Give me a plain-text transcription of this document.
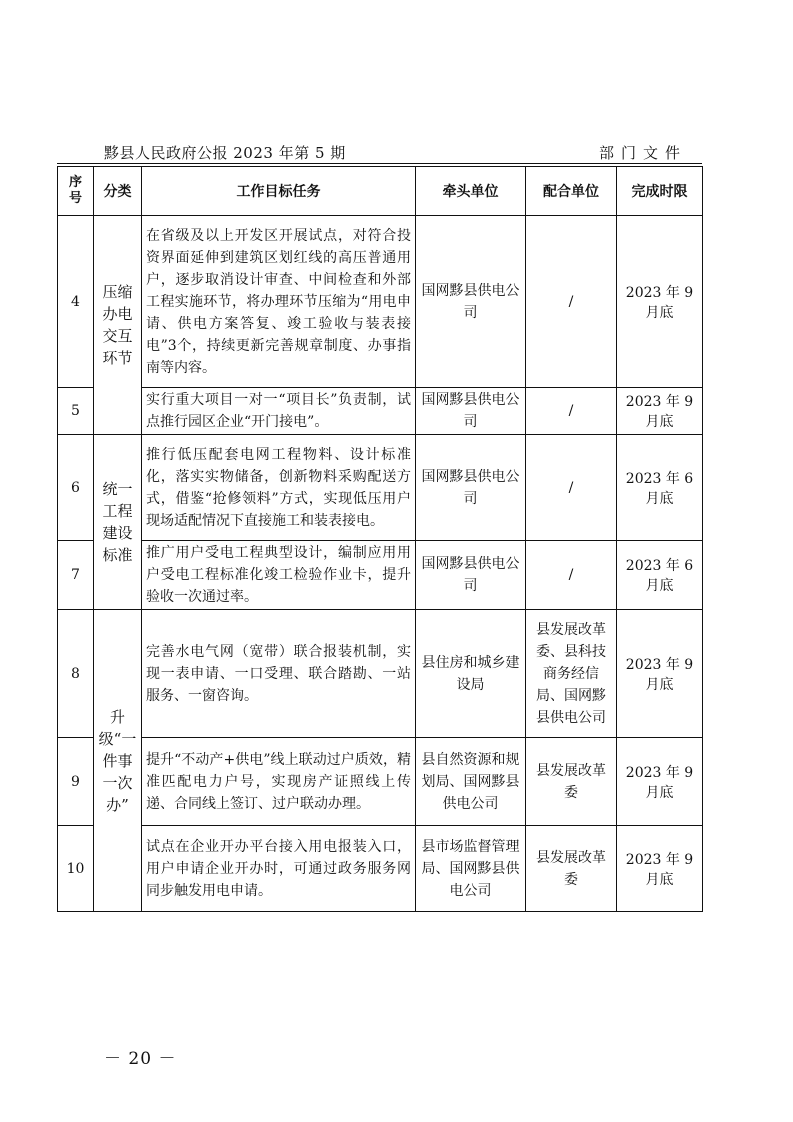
黟县人民政府公报 2023 年第 5 期	部门文件
序号	分类	工作目标任务	牵头单位	配合单位	完成时限
4	压缩办电交互环节	在省级及以上开发区开展试点，对符合投资界面延伸到建筑区划红线的高压普通用户，逐步取消设计审查、中间检查和外部工程实施环节，将办理环节压缩为“用电申请、供电方案答复、竣工验收与装表接电”3个，持续更新完善规章制度、办事指南等内容。	国网黟县供电公司	/	2023 年 9 月底
5		实行重大项目一对一“项目长”负责制，试点推行园区企业“开门接电”。	国网黟县供电公司	/	2023 年 9 月底
6	统一工程建设标准	推行低压配套电网工程物料、设计标准化，落实实物储备，创新物料采购配送方式，借鉴“抢修领料”方式，实现低压用户现场适配情况下直接施工和装表接电。	国网黟县供电公司	/	2023 年 6 月底
7		推广用户受电工程典型设计，编制应用用户受电工程标准化竣工检验作业卡，提升验收一次通过率。	国网黟县供电公司	/	2023 年 6 月底
8	升级“一件事一次办”	完善水电气网（宽带）联合报装机制，实现一表申请、一口受理、联合踏勘、一站服务、一窗咨询。	县住房和城乡建设局	县发展改革委、县科技商务经信局、国网黟县供电公司	2023 年 9 月底
9		提升“不动产+供电”线上联动过户质效，精准匹配电力户号，实现房产证照线上传递、合同线上签订、过户联动办理。	县自然资源和规划局、国网黟县供电公司	县发展改革委	2023 年 9 月底
10		试点在企业开办平台接入用电报装入口，用户申请企业开办时，可通过政务服务网同步触发用电申请。	县市场监督管理局、国网黟县供电公司	县发展改革委	2023 年 9 月底
－ 20 －
